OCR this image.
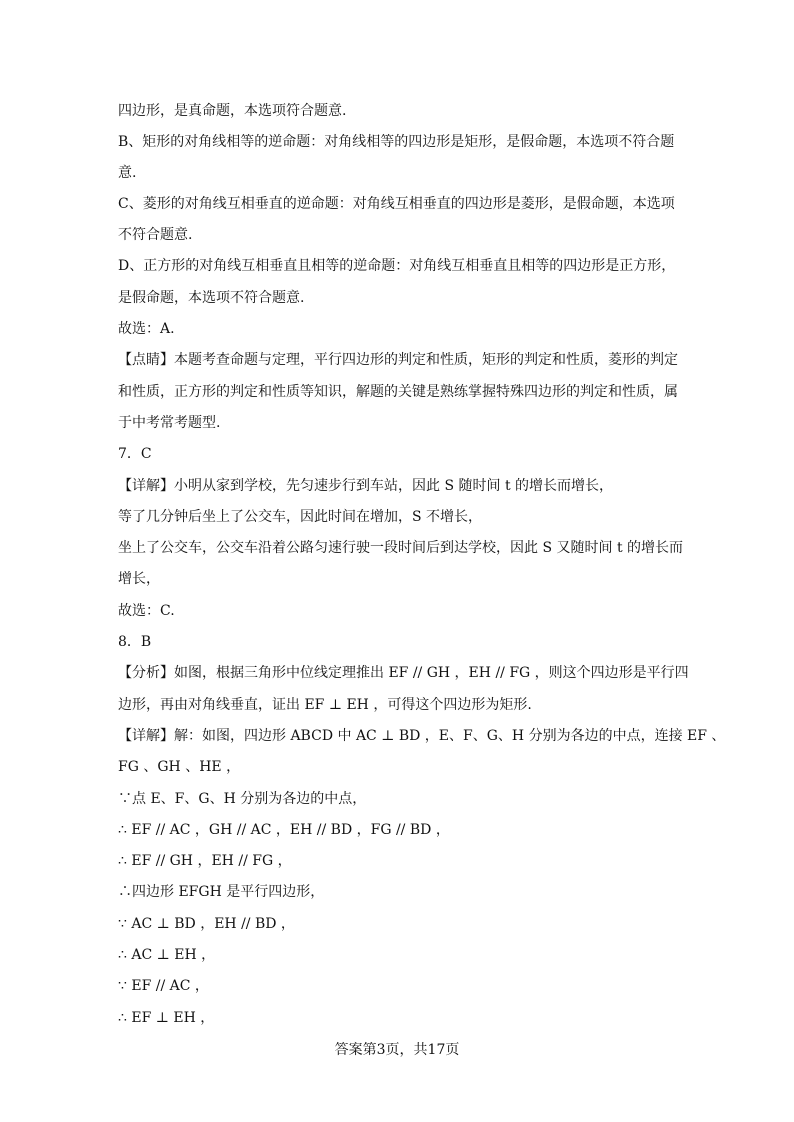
四边形，是真命题，本选项符合题意.
B、矩形的对角线相等的逆命题：对角线相等的四边形是矩形，是假命题，本选项不符合题
意.
C、菱形的对角线互相垂直的逆命题：对角线互相垂直的四边形是菱形，是假命题，本选项
不符合题意.
D、正方形的对角线互相垂直且相等的逆命题：对角线互相垂直且相等的四边形是正方形，
是假命题，本选项不符合题意.
故选：A.
【点睛】本题考查命题与定理，平行四边形的判定和性质，矩形的判定和性质，菱形的判定
和性质，正方形的判定和性质等知识，解题的关键是熟练掌握特殊四边形的判定和性质，属
于中考常考题型.
7．C
【详解】小明从家到学校，先匀速步行到车站，因此 S 随时间 t 的增长而增长，
等了几分钟后坐上了公交车，因此时间在增加，S 不增长，
坐上了公交车，公交车沿着公路匀速行驶一段时间后到达学校，因此 S 又随时间 t 的增长而
增长，
故选：C.
8．B
【分析】如图，根据三角形中位线定理推出 EF // GH ，EH // FG ，则这个四边形是平行四
边形，再由对角线垂直，证出 EF ⊥ EH ，可得这个四边形为矩形.
【详解】解：如图，四边形 ABCD 中 AC ⊥ BD ，E、F、G、H 分别为各边的中点，连接 EF 、
FG 、GH 、HE ，
∵点 E、F、G、H 分别为各边的中点，
∴ EF // AC ，GH // AC ，EH // BD ，FG // BD ，
∴ EF // GH ，EH // FG ，
∴四边形 EFGH 是平行四边形，
∵ AC ⊥ BD ，EH // BD ，
∴ AC ⊥ EH ，
∵ EF // AC ，
∴ EF ⊥ EH ，
答案第3页，共17页
